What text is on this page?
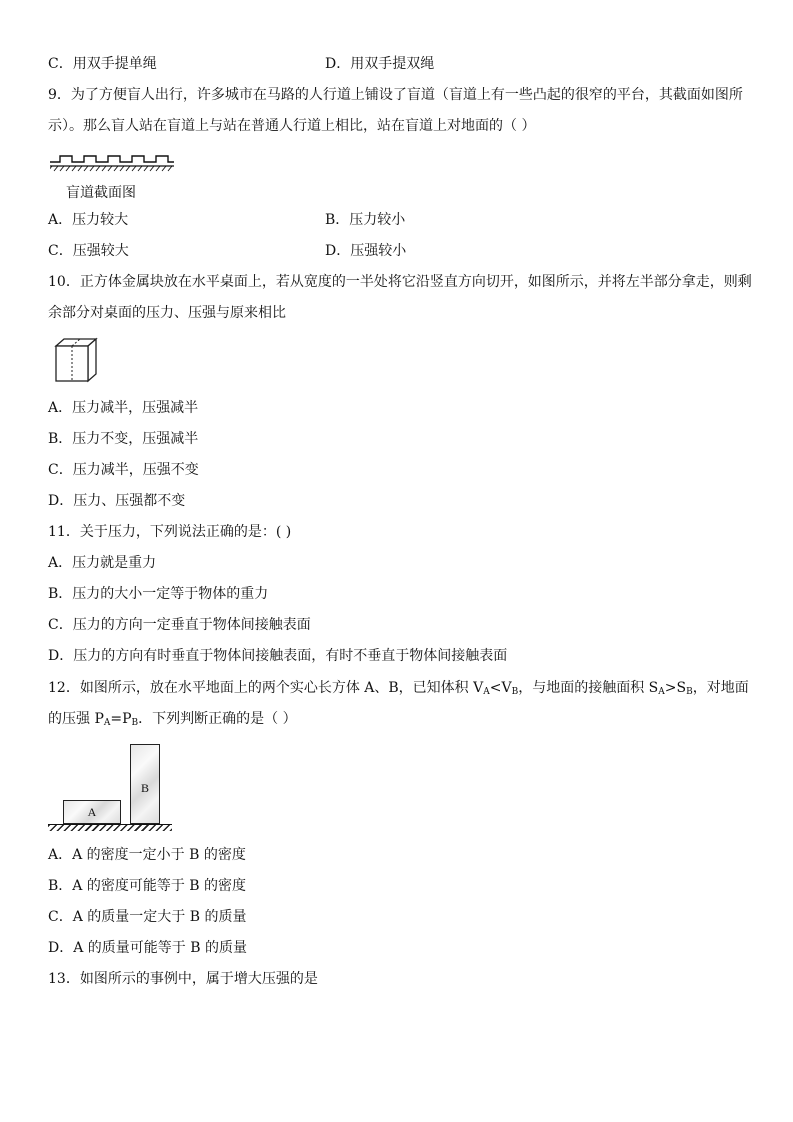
C．用双手提单绳	D．用双手提双绳
9．为了方便盲人出行，许多城市在马路的人行道上铺设了盲道（盲道上有一些凸起的很窄的平台，其截面如图所
示）。那么盲人站在盲道上与站在普通人行道上相比，站在盲道上对地面的（ ）
盲道截面图
A．压力较大	B．压力较小
C．压强较大	D．压强较小
10．正方体金属块放在水平桌面上，若从宽度的一半处将它沿竖直方向切开，如图所示，并将左半部分拿走，则剩
余部分对桌面的压力、压强与原来相比
A．压力减半，压强减半
B．压力不变，压强减半
C．压力减半，压强不变
D．压力、压强都不变
11．关于压力，下列说法正确的是：( )
A．压力就是重力
B．压力的大小一定等于物体的重力
C．压力的方向一定垂直于物体间接触表面
D．压力的方向有时垂直于物体间接触表面，有时不垂直于物体间接触表面
12．如图所示，放在水平地面上的两个实心长方体 A、B，已知体积 $V_A<V_B$，与地面的接触面积 $S_A>S_B$，对地面
的压强 $P_A=P_B$．下列判断正确的是（ ）
A
B
A．A 的密度一定小于 B 的密度
B．A 的密度可能等于 B 的密度
C．A 的质量一定大于 B 的质量
D．A 的质量可能等于 B 的质量
13．如图所示的事例中，属于增大压强的是
